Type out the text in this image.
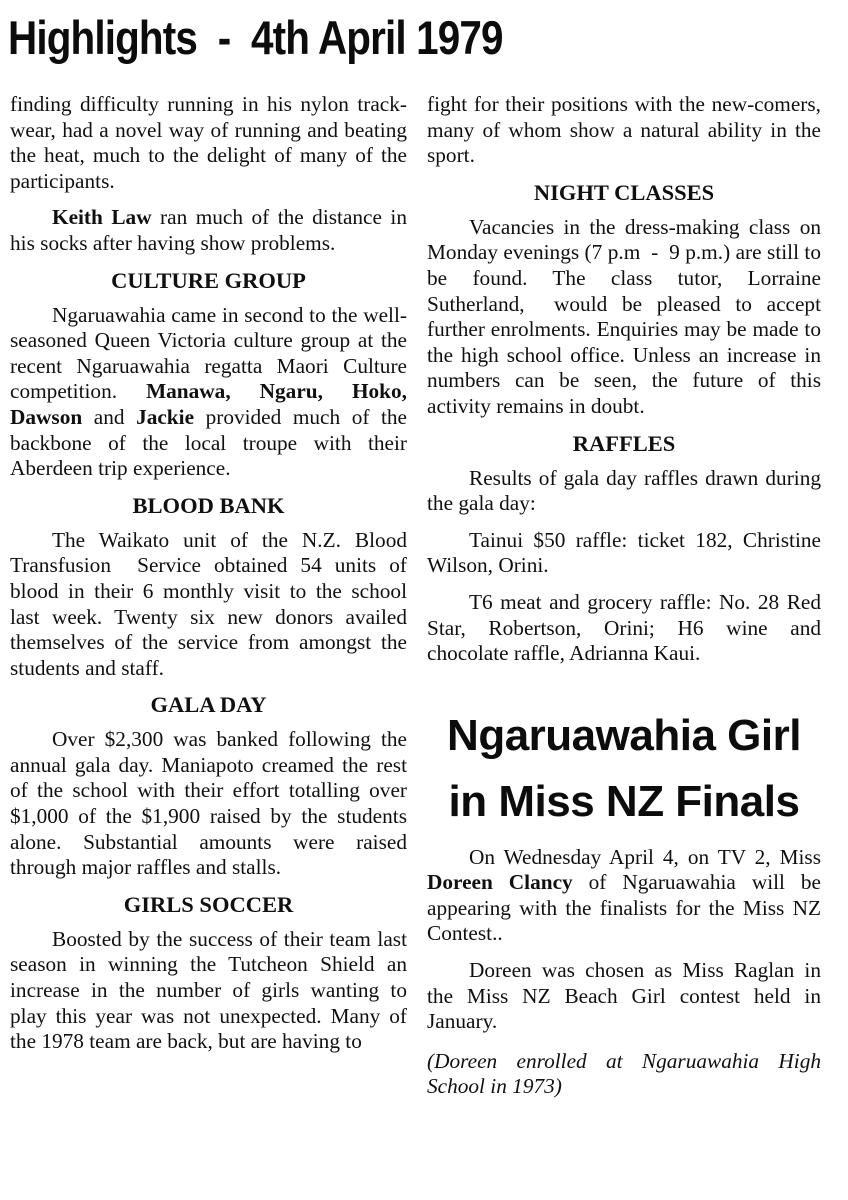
Highlights  -  4th April 1979

finding difficulty running in his nylon track-wear, had a novel way of running and beating the heat, much to the delight of many of the participants.

Keith Law ran much of the distance in his socks after having show problems.

CULTURE GROUP

Ngaruawahia came in second to the well-seasoned Queen Victoria culture group at the recent Ngaruawahia regatta Maori Culture competition. Manawa, Ngaru, Hoko, Dawson and Jackie provided much of the backbone of the local troupe with their Aberdeen trip experience.

BLOOD BANK

The Waikato unit of the N.Z. Blood Transfusion  Service obtained 54 units of blood in their 6 monthly visit to the school last week. Twenty six new donors availed themselves of the service from amongst the students and staff.

GALA DAY

Over $2,300 was banked following the annual gala day. Maniapoto creamed the rest of the school with their effort totalling over $1,000 of the $1,900 raised by the students alone. Substantial amounts were raised through major raffles and stalls.

GIRLS SOCCER

Boosted by the success of their team last season in winning the Tutcheon Shield an increase in the number of girls wanting to play this year was not unexpected. Many of the 1978 team are back, but are having to

fight for their positions with the new-comers, many of whom show a natural ability in the sport.

NIGHT CLASSES

Vacancies in the dress-making class on Monday evenings (7 p.m  -  9 p.m.) are still to be found. The class tutor, Lorraine Sutherland,  would be pleased to accept further enrolments. Enquiries may be made to the high school office. Unless an increase in numbers can be seen, the future of this activity remains in doubt.

RAFFLES

Results of gala day raffles drawn during the gala day:

Tainui $50 raffle: ticket 182, Christine Wilson, Orini.

T6 meat and grocery raffle: No. 28 Red Star, Robertson, Orini; H6 wine and chocolate raffle, Adrianna Kaui.

Ngaruawahia Girl
in Miss NZ Finals

On Wednesday April 4, on TV 2, Miss Doreen Clancy of Ngaruawahia will be appearing with the finalists for the Miss NZ Contest..

Doreen was chosen as Miss Raglan in the Miss NZ Beach Girl contest held in January.

(Doreen enrolled at Ngaruawahia High School in 1973)
